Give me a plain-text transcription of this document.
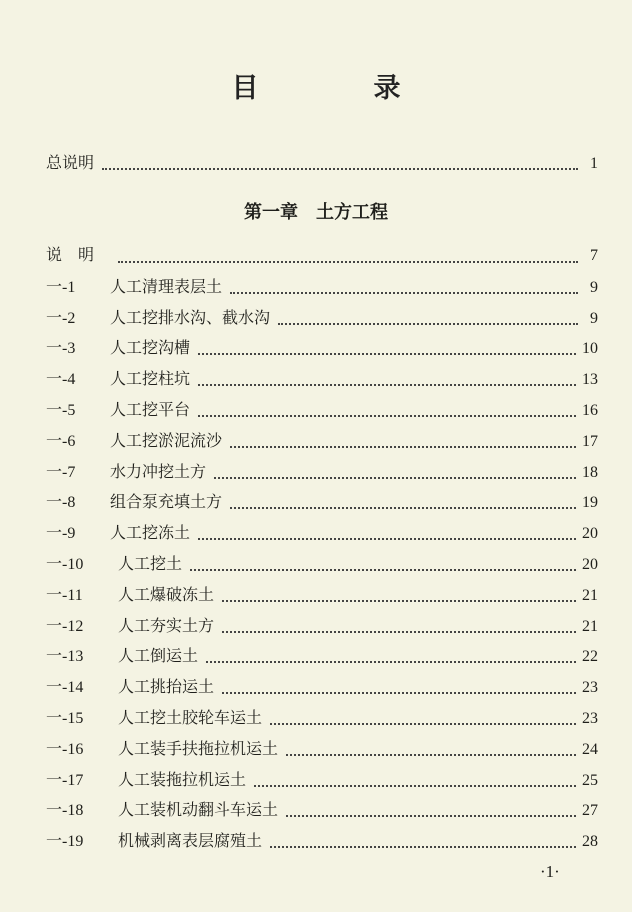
目　录
总说明	1
第一章　土方工程
说　明	7
一-1	人工清理表层土	9
一-2	人工挖排水沟、截水沟	9
一-3	人工挖沟槽	10
一-4	人工挖柱坑	13
一-5	人工挖平台	16
一-6	人工挖淤泥流沙	17
一-7	水力冲挖土方	18
一-8	组合泵充填土方	19
一-9	人工挖冻土	20
一-10	人工挖土	20
一-11	人工爆破冻土	21
一-12	人工夯实土方	21
一-13	人工倒运土	22
一-14	人工挑抬运土	23
一-15	人工挖土胶轮车运土	23
一-16	人工装手扶拖拉机运土	24
一-17	人工装拖拉机运土	25
一-18	人工装机动翻斗车运土	27
一-19	机械剥离表层腐殖土	28
·1·
